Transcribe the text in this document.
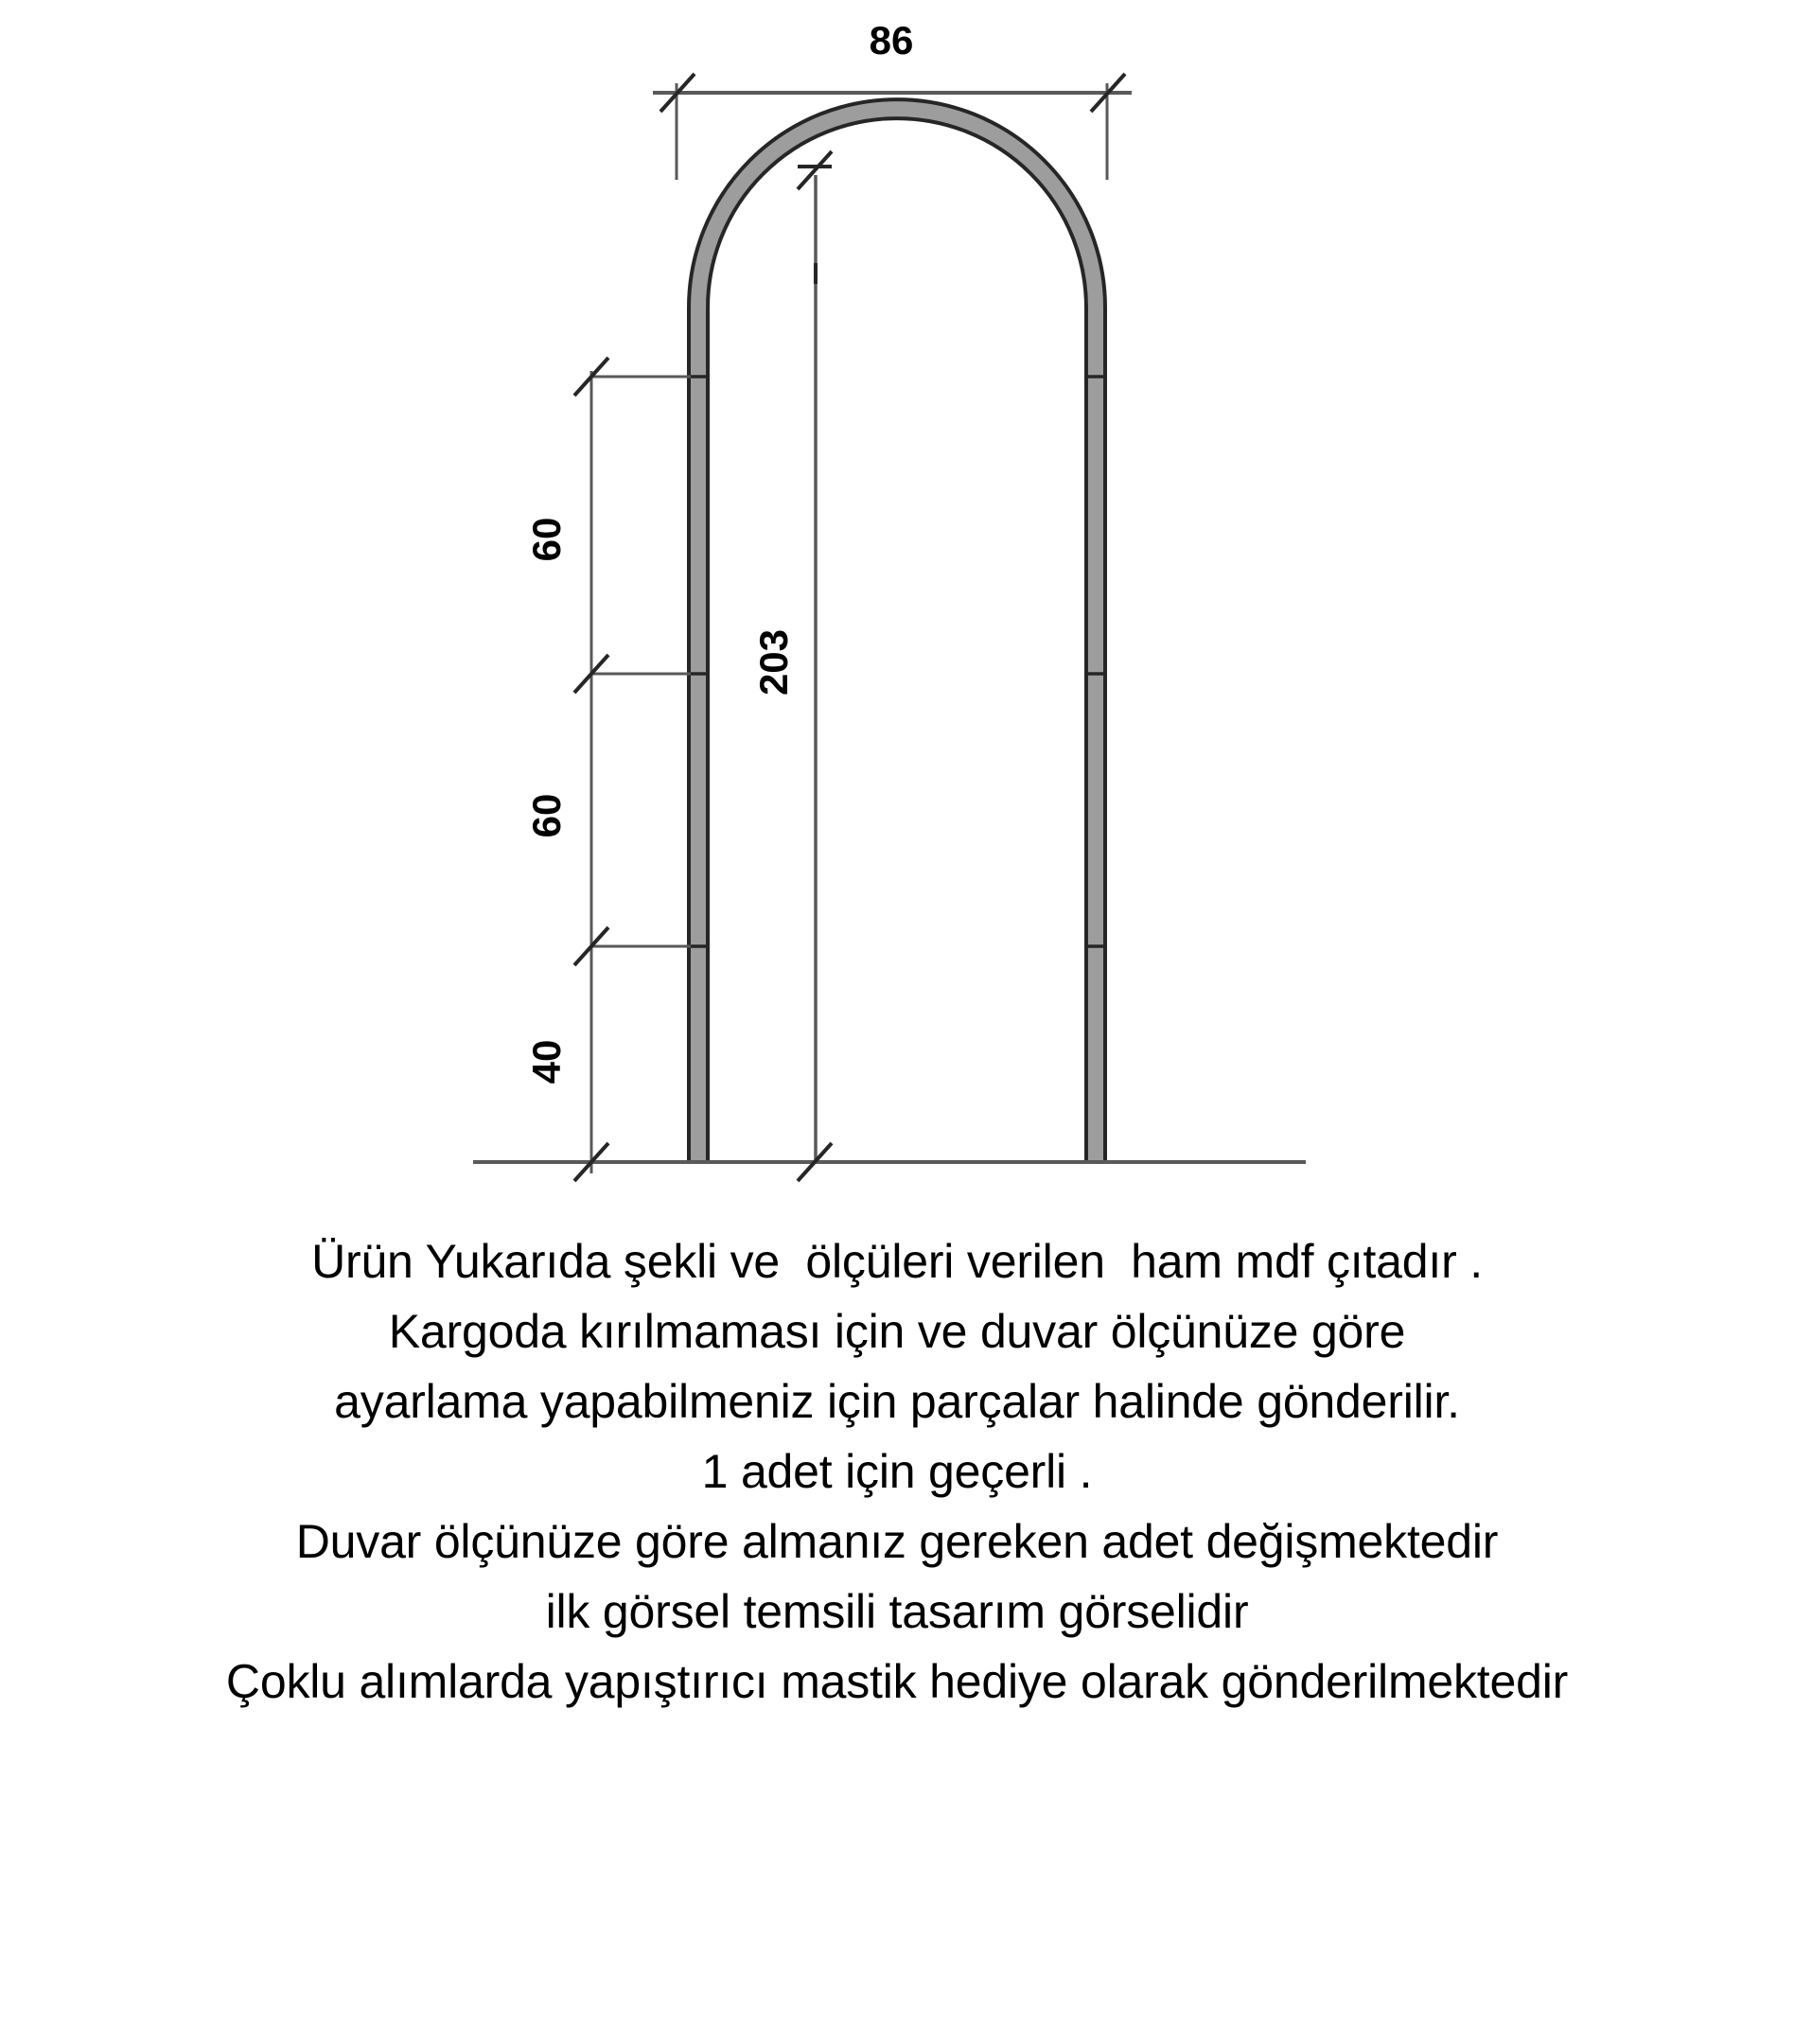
86
203
60
60
40
Ürün Yukarıda şekli ve  ölçüleri verilen  ham mdf çıtadır .
Kargoda kırılmaması için ve duvar ölçünüze göre
ayarlama yapabilmeniz için parçalar halinde gönderilir.
1 adet için geçerli .
Duvar ölçünüze göre almanız gereken adet değişmektedir
ilk görsel temsili tasarım görselidir
Çoklu alımlarda yapıştırıcı mastik hediye olarak gönderilmektedir
